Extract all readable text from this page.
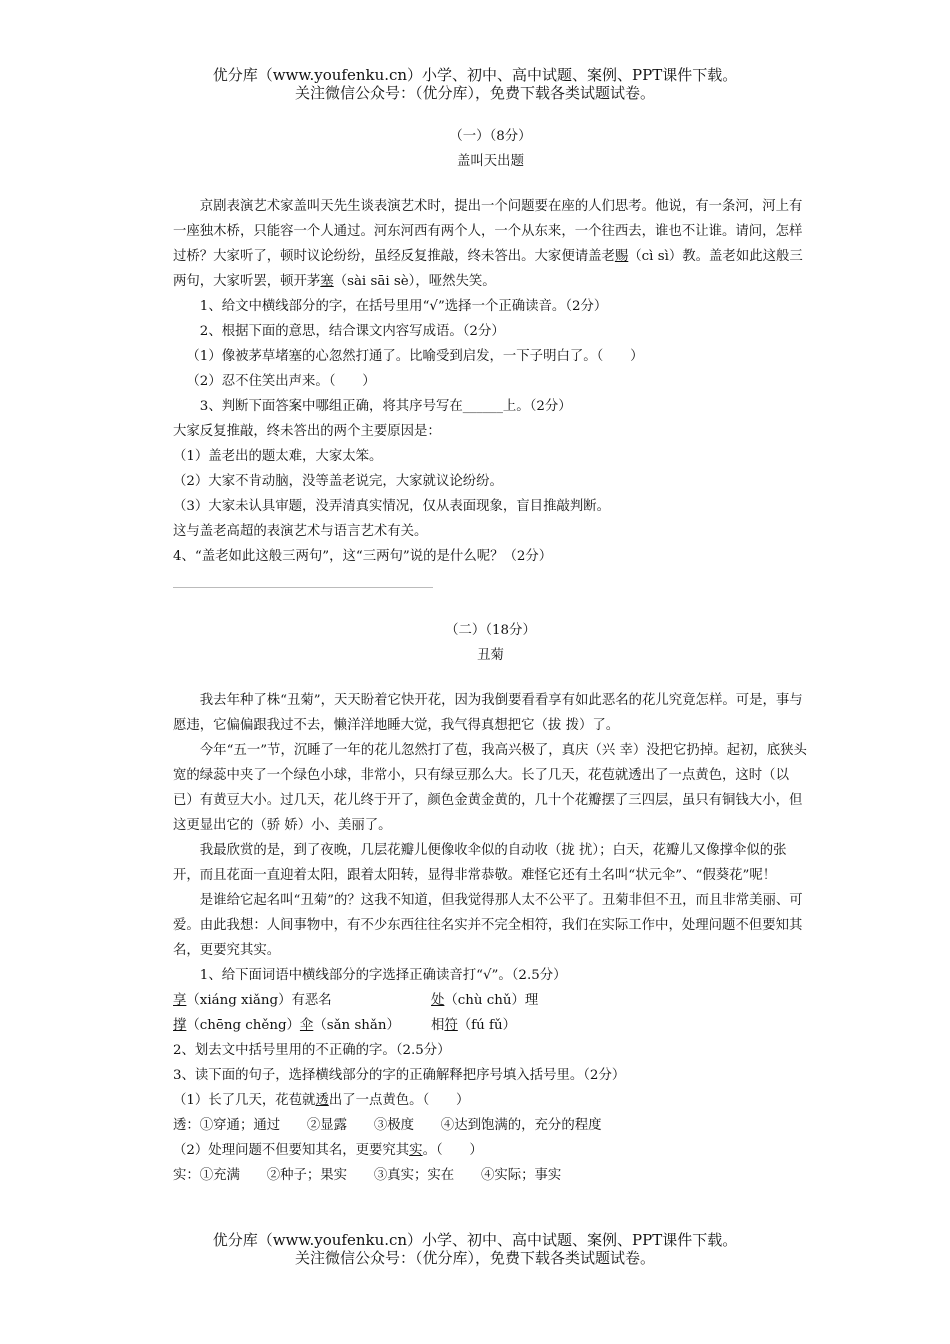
优分库（www.youfenku.cn）小学、初中、高中试题、案例、PPT课件下载。
关注微信公众号：（优分库），免费下载各类试题试卷。

（一）（8分）

盖叫天出题

京剧表演艺术家盖叫天先生谈表演艺术时，提出一个问题要在座的人们思考。他说，有一条河，河上有一座独木桥，只能容一个人通过。河东河西有两个人，一个从东来，一个往西去，谁也不让谁。请问，怎样过桥？大家听了，顿时议论纷纷，虽经反复推敲，终未答出。大家便请盖老赐（cì sì）教。盖老如此这般三两句，大家听罢，顿开茅塞（sài sāi sè），哑然失笑。

1、给文中横线部分的字，在括号里用“√”选择一个正确读音。（2分）

2、根据下面的意思，结合课文内容写成语。（2分）

（1）像被茅草堵塞的心忽然打通了。比喻受到启发，一下子明白了。（　　）

（2）忍不住笑出声来。（　　）

3、判断下面答案中哪组正确，将其序号写在______上。（2分）

大家反复推敲，终未答出的两个主要原因是：

（1）盖老出的题太难，大家太笨。

（2）大家不肯动脑，没等盖老说完，大家就议论纷纷。

（3）大家未认具审题，没弄清真实情况，仅从表面现象，盲目推敲判断。

这与盖老高超的表演艺术与语言艺术有关。

4、“盖老如此这般三两句”，这“三两句”说的是什么呢？（2分）

（二）（18分）

丑菊

我去年种了株“丑菊”，天天盼着它快开花，因为我倒要看看享有如此恶名的花儿究竟怎样。可是，事与愿违，它偏偏跟我过不去，懒洋洋地睡大觉，我气得真想把它（拔 拨）了。

今年“五一”节，沉睡了一年的花儿忽然打了苞，我高兴极了，真庆（兴 幸）没把它扔掉。起初，底狭头宽的绿蕊中夹了一个绿色小球，非常小，只有绿豆那么大。长了几天，花苞就透出了一点黄色，这时（以 已）有黄豆大小。过几天，花儿终于开了，颜色金黄金黄的，几十个花瓣摆了三四层，虽只有铜钱大小，但这更显出它的（骄 娇）小、美丽了。

我最欣赏的是，到了夜晚，几层花瓣儿便像收伞似的自动收（拢 扰）；白天，花瓣儿又像撑伞似的张开，而且花面一直迎着太阳，跟着太阳转，显得非常恭敬。难怪它还有土名叫“状元伞”、“假葵花”呢！

是谁给它起名叫“丑菊”的？这我不知道，但我觉得那人太不公平了。丑菊非但不丑，而且非常美丽、可爱。由此我想：人间事物中，有不少东西往往名实并不完全相符，我们在实际工作中，处理问题不但要知其名，更要究其实。

1、给下面词语中横线部分的字选择正确读音打“√”。（2.5分）

享（xiáng xiǎng）有恶名	处（chù chǔ）理
撑（chēng chěng）伞（sǎn shǎn）	相符（fú fǔ）

2、划去文中括号里用的不正确的字。（2.5分）

3、读下面的句子，选择横线部分的字的正确解释把序号填入括号里。（2分）

（1）长了几天，花苞就透出了一点黄色。（　　）

透：①穿通；通过　　②显露　　③极度　　④达到饱满的，充分的程度

（2）处理问题不但要知其名，更要究其实。（　　）

实：①充满　　②种子；果实　　③真实；实在　　④实际；事实

优分库（www.youfenku.cn）小学、初中、高中试题、案例、PPT课件下载。
关注微信公众号：（优分库），免费下载各类试题试卷。
